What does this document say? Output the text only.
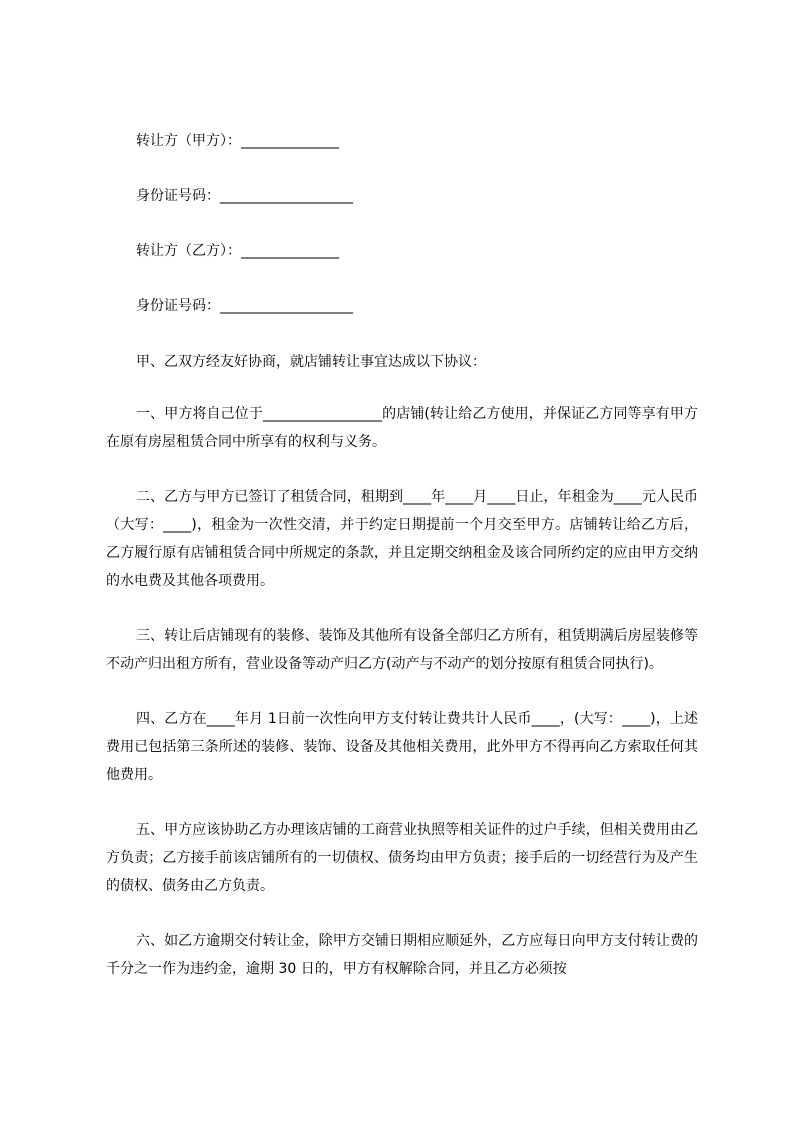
转让方（甲方）：______________

身份证号码：___________________

转让方（乙方）：______________

身份证号码：___________________

甲、乙双方经友好协商，就店铺转让事宜达成以下协议：

一、甲方将自己位于_________________的店铺(转让给乙方使用，并保证乙方同等享有甲方在原有房屋租赁合同中所享有的权利与义务。

二、乙方与甲方已签订了租赁合同，租期到____年____月____日止，年租金为____元人民币（大写：____)，租金为一次性交清，并于约定日期提前一个月交至甲方。店铺转让给乙方后，乙方履行原有店铺租赁合同中所规定的条款，并且定期交纳租金及该合同所约定的应由甲方交纳的水电费及其他各项费用。

三、转让后店铺现有的装修、装饰及其他所有设备全部归乙方所有，租赁期满后房屋装修等不动产归出租方所有，营业设备等动产归乙方(动产与不动产的划分按原有租赁合同执行)。

四、乙方在____年月 1日前一次性向甲方支付转让费共计人民币____，(大写：____)，上述费用已包括第三条所述的装修、装饰、设备及其他相关费用，此外甲方不得再向乙方索取任何其他费用。

五、甲方应该协助乙方办理该店铺的工商营业执照等相关证件的过户手续，但相关费用由乙方负责；乙方接手前该店铺所有的一切债权、债务均由甲方负责；接手后的一切经营行为及产生的债权、债务由乙方负责。

六、如乙方逾期交付转让金，除甲方交铺日期相应顺延外，乙方应每日向甲方支付转让费的千分之一作为违约金，逾期 30 日的，甲方有权解除合同，并且乙方必须按
